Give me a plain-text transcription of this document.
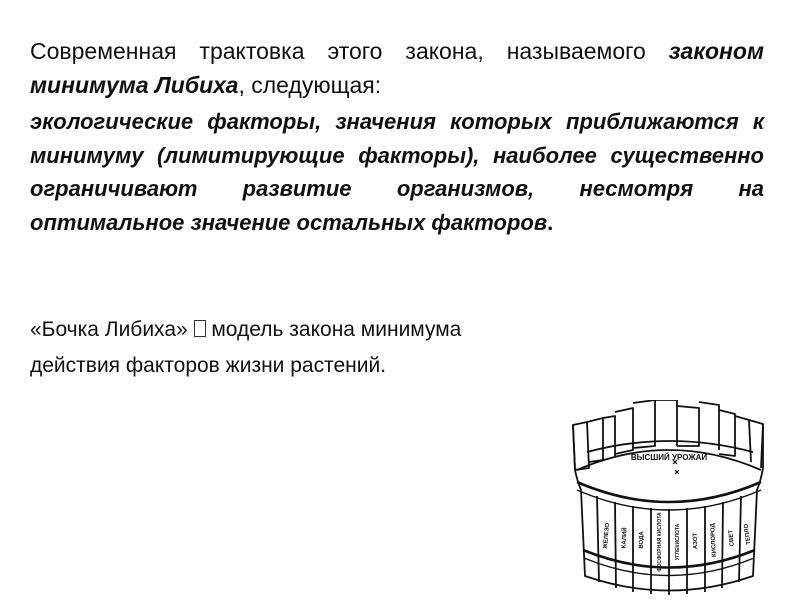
Современная трактовка этого закона, называемого законом минимума Либиха, следующая:

экологические факторы, значения которых приближаются к минимуму (лимитирующие факторы), наиболее существенно ограничивают развитие организмов, несмотря на оптимальное значение остальных факторов.

«Бочка Либиха»  модель закона минимума действия факторов жизни растений.

ВЫСШИЙ УРОЖАЙ
ЖЕЛЕЗО	КАЛИЙ ВОДА ФОСФОРНАЯ КИСЛОТА УГЛЕКИСЛОТА АЗОТ КИСЛОРОД СВЕТ ТЕПЛО
